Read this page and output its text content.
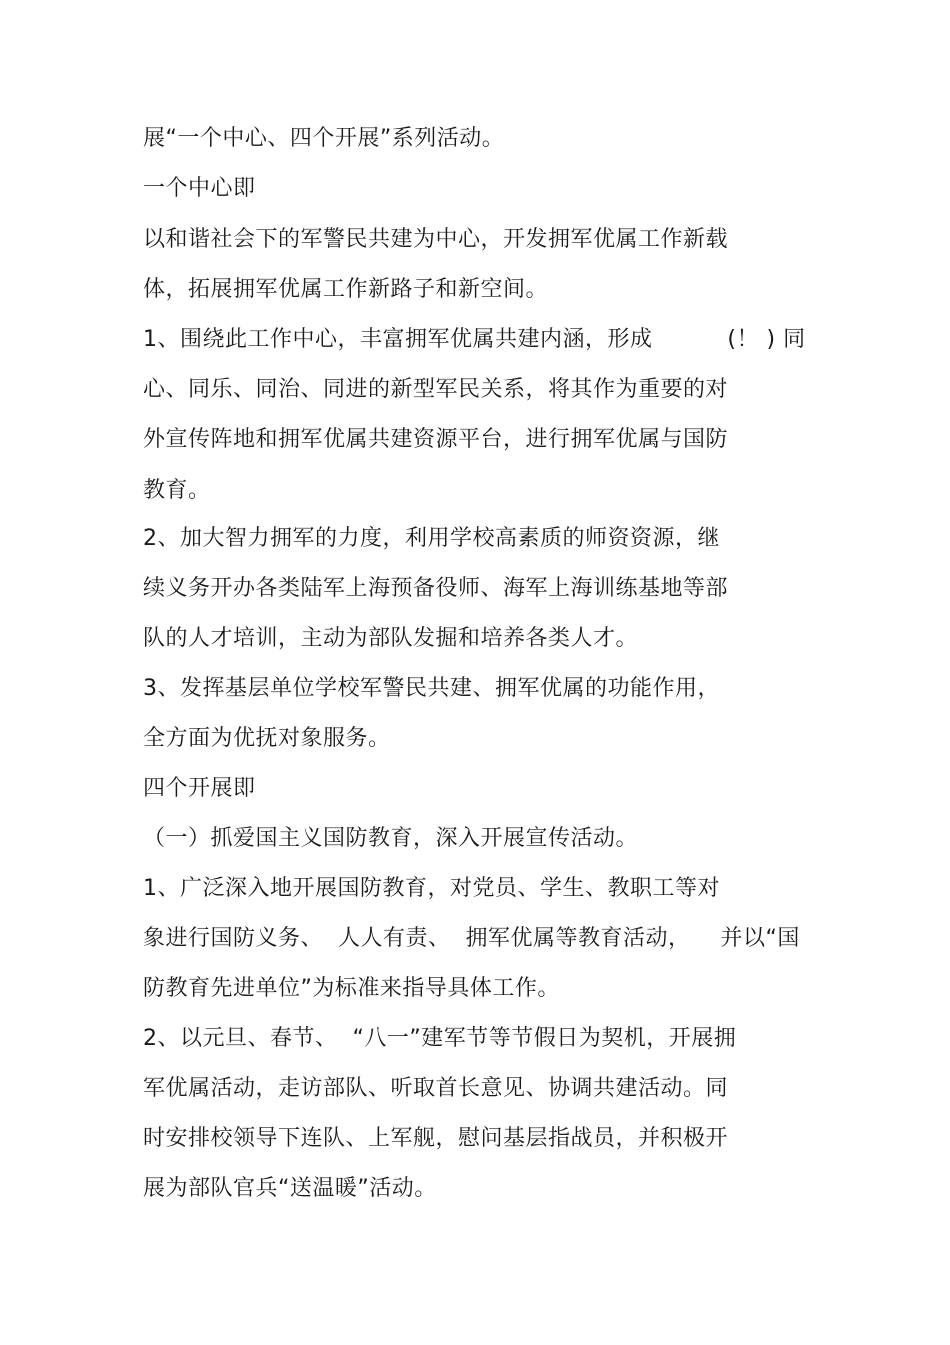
展“一个中心、四个开展”系列活动。
一个中心即
以和谐社会下的军警民共建为中心，开发拥军优属工作新载
体，拓展拥军优属工作新路子和新空间。
1、围绕此工作中心，丰富拥军优属共建内涵，形成          (！ ) 同
心、同乐、同治、同进的新型军民关系，将其作为重要的对
外宣传阵地和拥军优属共建资源平台，进行拥军优属与国防
教育。
2、加大智力拥军的力度，利用学校高素质的师资资源，继
续义务开办各类陆军上海预备役师、海军上海训练基地等部
队的人才培训，主动为部队发掘和培养各类人才。
3、发挥基层单位学校军警民共建、拥军优属的功能作用，
全方面为优抚对象服务。
四个开展即
（一）抓爱国主义国防教育，深入开展宣传活动。
1、广泛深入地开展国防教育，对党员、学生、教职工等对
象进行国防义务、  人人有责、  拥军优属等教育活动，    并以“国
防教育先进单位”为标准来指导具体工作。
2、以元旦、春节、  “八一”建军节等节假日为契机，开展拥
军优属活动，走访部队、听取首长意见、协调共建活动。同
时安排校领导下连队、上军舰，慰问基层指战员，并积极开
展为部队官兵“送温暖”活动。
